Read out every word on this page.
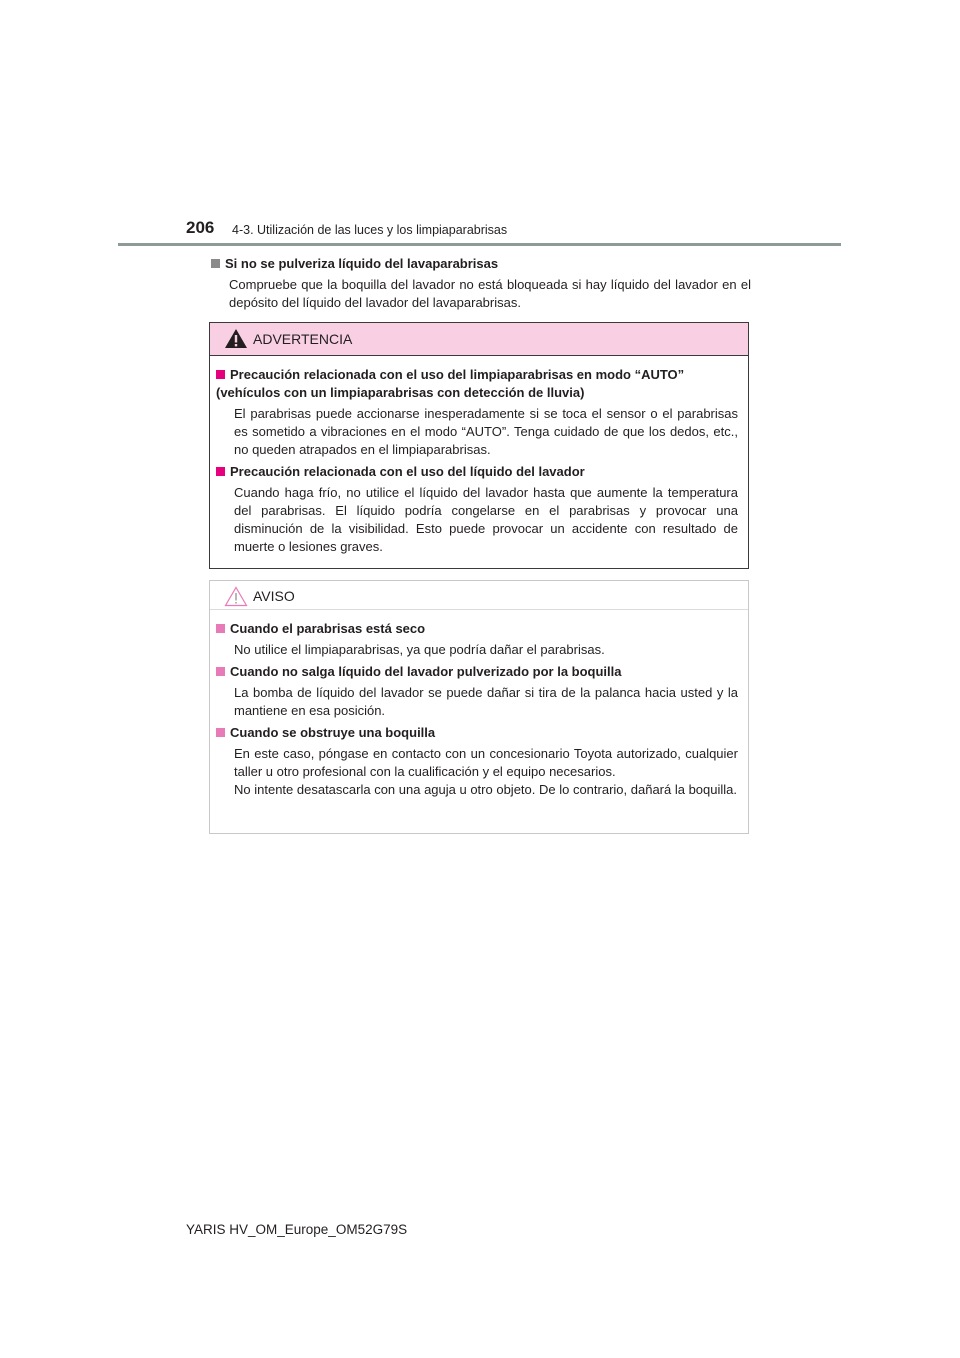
206 4-3. Utilización de las luces y los limpiaparabrisas

Si no se pulveriza líquido del lavaparabrisas

Compruebe que la boquilla del lavador no está bloqueada si hay líquido del lavador en el depósito del líquido del lavador del lavaparabrisas.

ADVERTENCIA

Precaución relacionada con el uso del limpiaparabrisas en modo “AUTO” (vehículos con un limpiaparabrisas con detección de lluvia)

El parabrisas puede accionarse inesperadamente si se toca el sensor o el parabrisas es sometido a vibraciones en el modo “AUTO”. Tenga cuidado de que los dedos, etc., no queden atrapados en el limpiaparabrisas.

Precaución relacionada con el uso del líquido del lavador

Cuando haga frío, no utilice el líquido del lavador hasta que aumente la temperatura del parabrisas. El líquido podría congelarse en el parabrisas y provocar una disminución de la visibilidad. Esto puede provocar un accidente con resultado de muerte o lesiones graves.

AVISO

Cuando el parabrisas está seco

No utilice el limpiaparabrisas, ya que podría dañar el parabrisas.

Cuando no salga líquido del lavador pulverizado por la boquilla

La bomba de líquido del lavador se puede dañar si tira de la palanca hacia usted y la mantiene en esa posición.

Cuando se obstruye una boquilla

En este caso, póngase en contacto con un concesionario Toyota autorizado, cualquier taller u otro profesional con la cualificación y el equipo necesarios.
No intente desatascarla con una aguja u otro objeto. De lo contrario, dañará la boquilla.

YARIS HV_OM_Europe_OM52G79S
